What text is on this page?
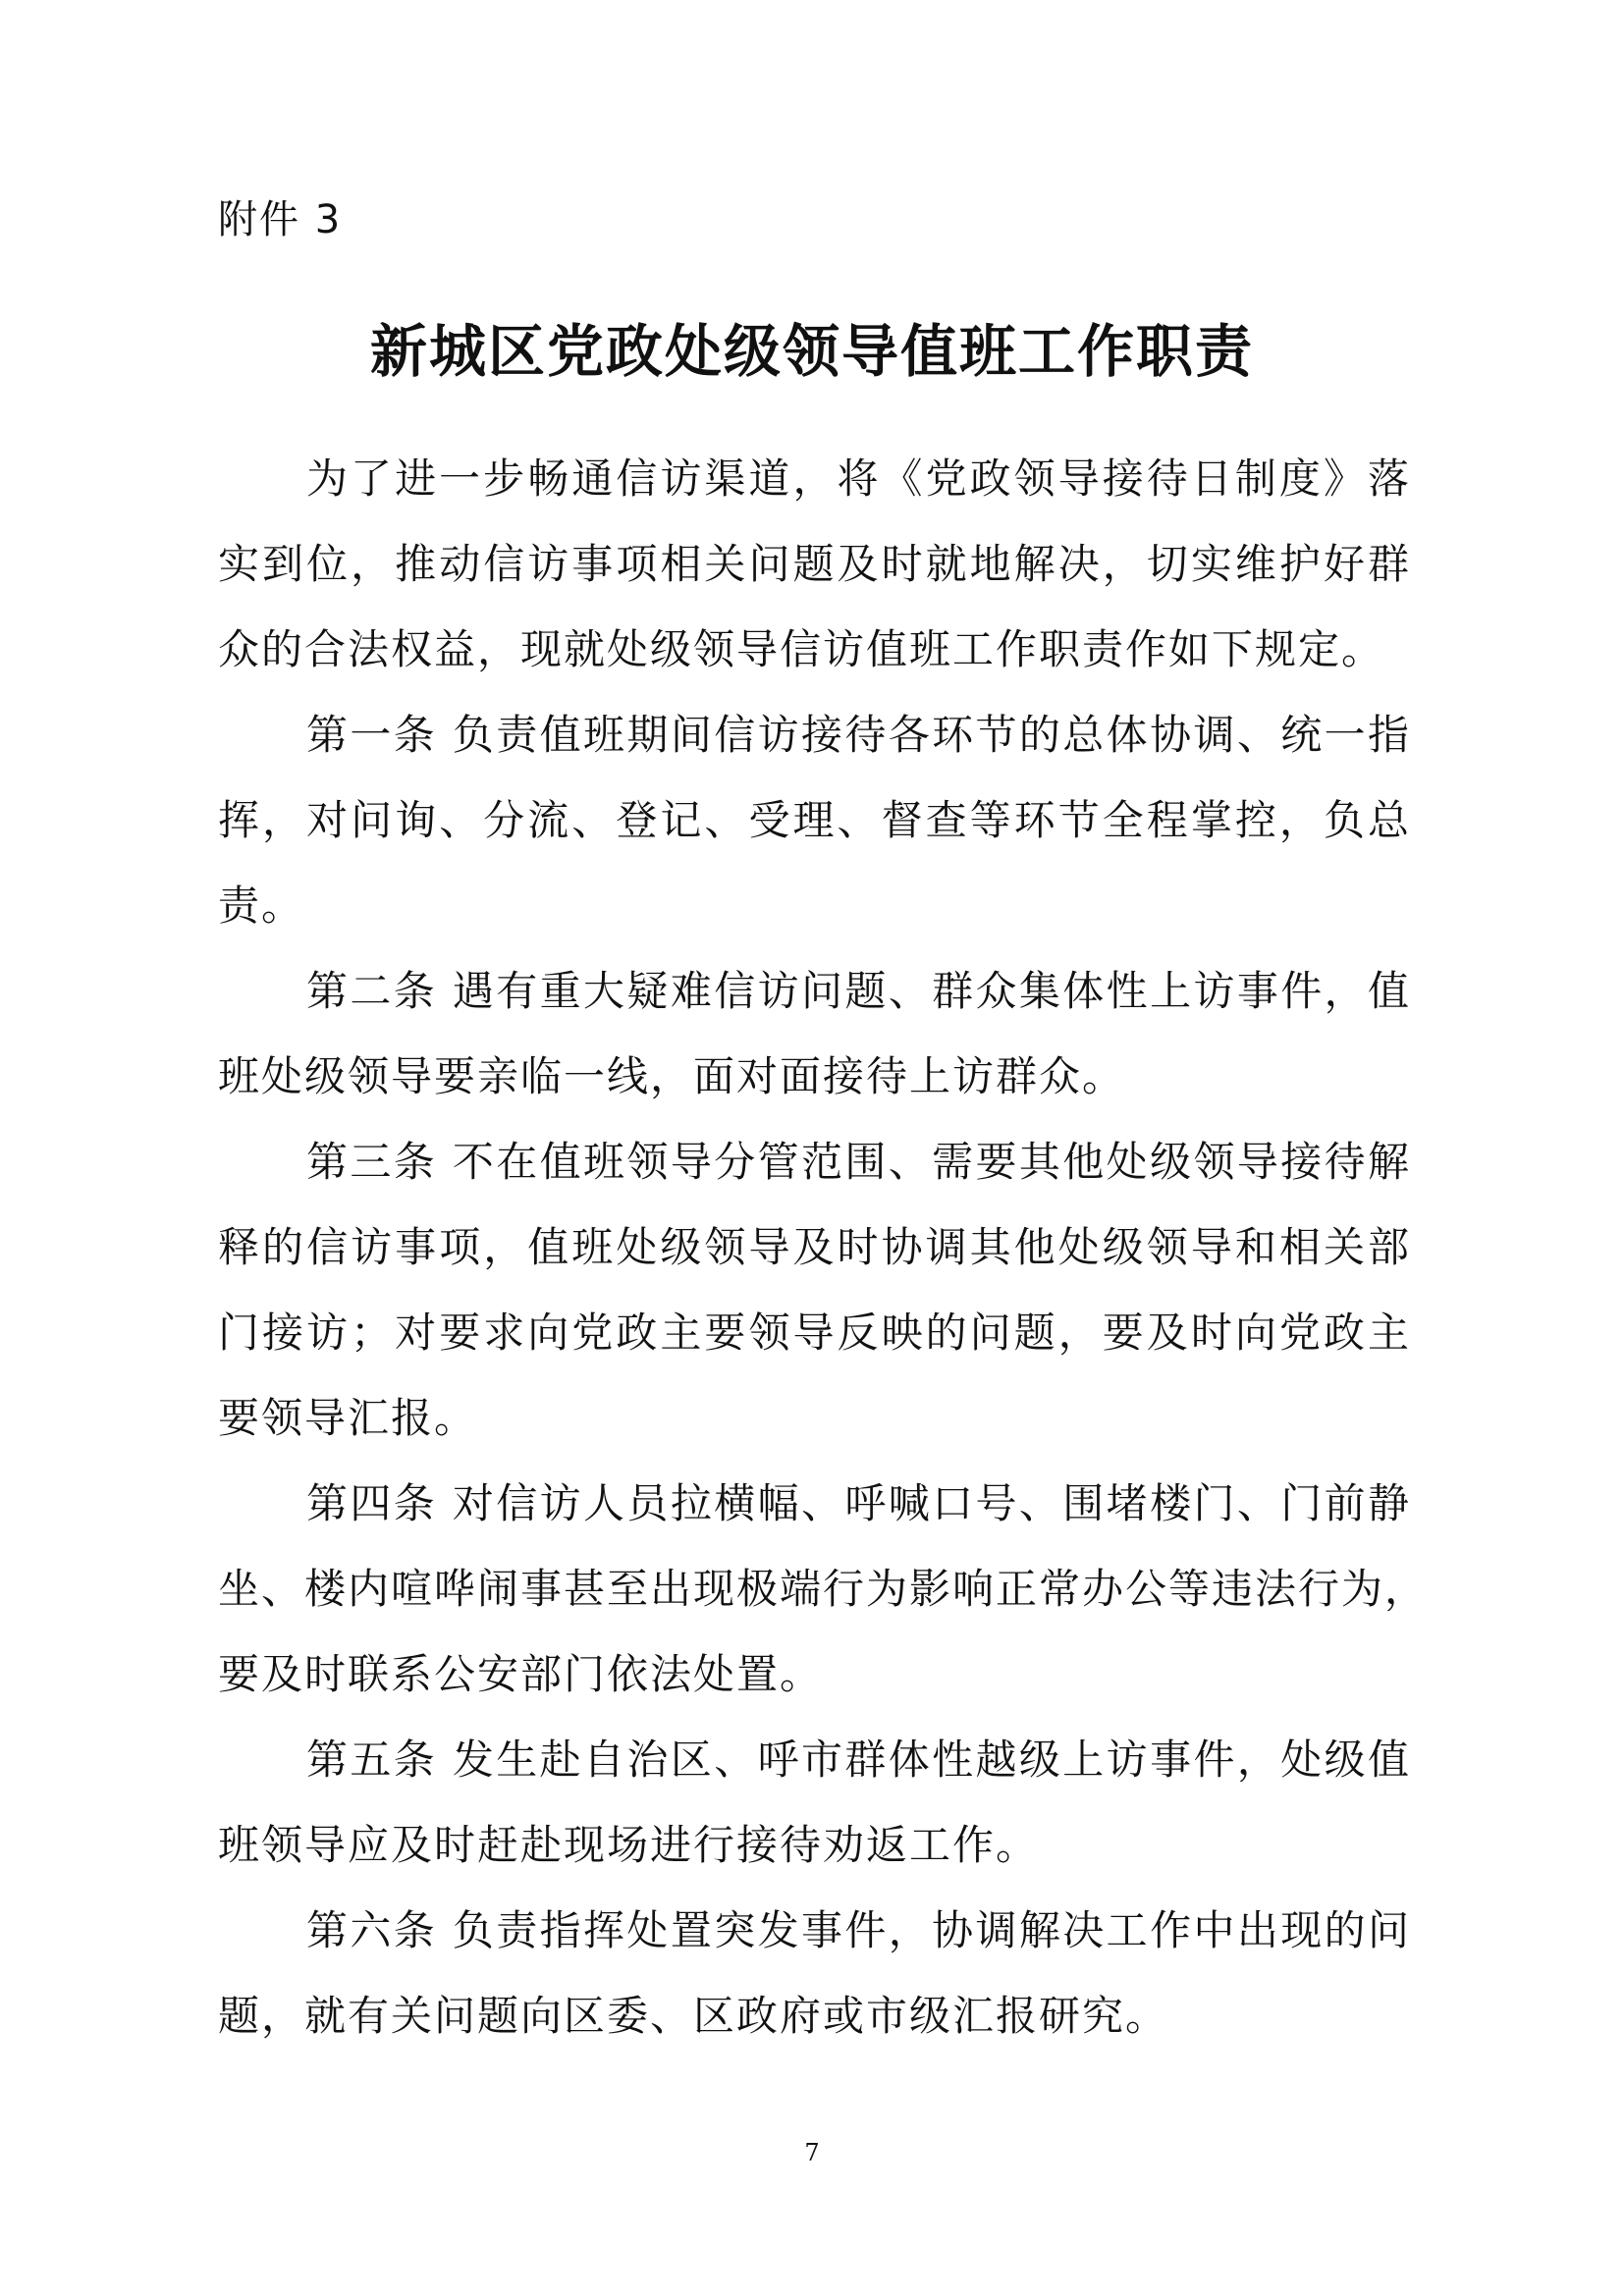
附件 3
新城区党政处级领导值班工作职责

为了进一步畅通信访渠道，将《党政领导接待日制度》落
实到位，推动信访事项相关问题及时就地解决，切实维护好群
众的合法权益，现就处级领导信访值班工作职责作如下规定。

第一条 负责值班期间信访接待各环节的总体协调、统一指
挥，对问询、分流、登记、受理、督查等环节全程掌控，负总
责。

第二条 遇有重大疑难信访问题、群众集体性上访事件，值
班处级领导要亲临一线，面对面接待上访群众。

第三条 不在值班领导分管范围、需要其他处级领导接待解
释的信访事项，值班处级领导及时协调其他处级领导和相关部
门接访；对要求向党政主要领导反映的问题，要及时向党政主
要领导汇报。

第四条 对信访人员拉横幅、呼喊口号、围堵楼门、门前静
坐、楼内喧哗闹事甚至出现极端行为影响正常办公等违法行为，
要及时联系公安部门依法处置。

第五条 发生赴自治区、呼市群体性越级上访事件，处级值
班领导应及时赶赴现场进行接待劝返工作。

第六条 负责指挥处置突发事件，协调解决工作中出现的问
题，就有关问题向区委、区政府或市级汇报研究。

7
